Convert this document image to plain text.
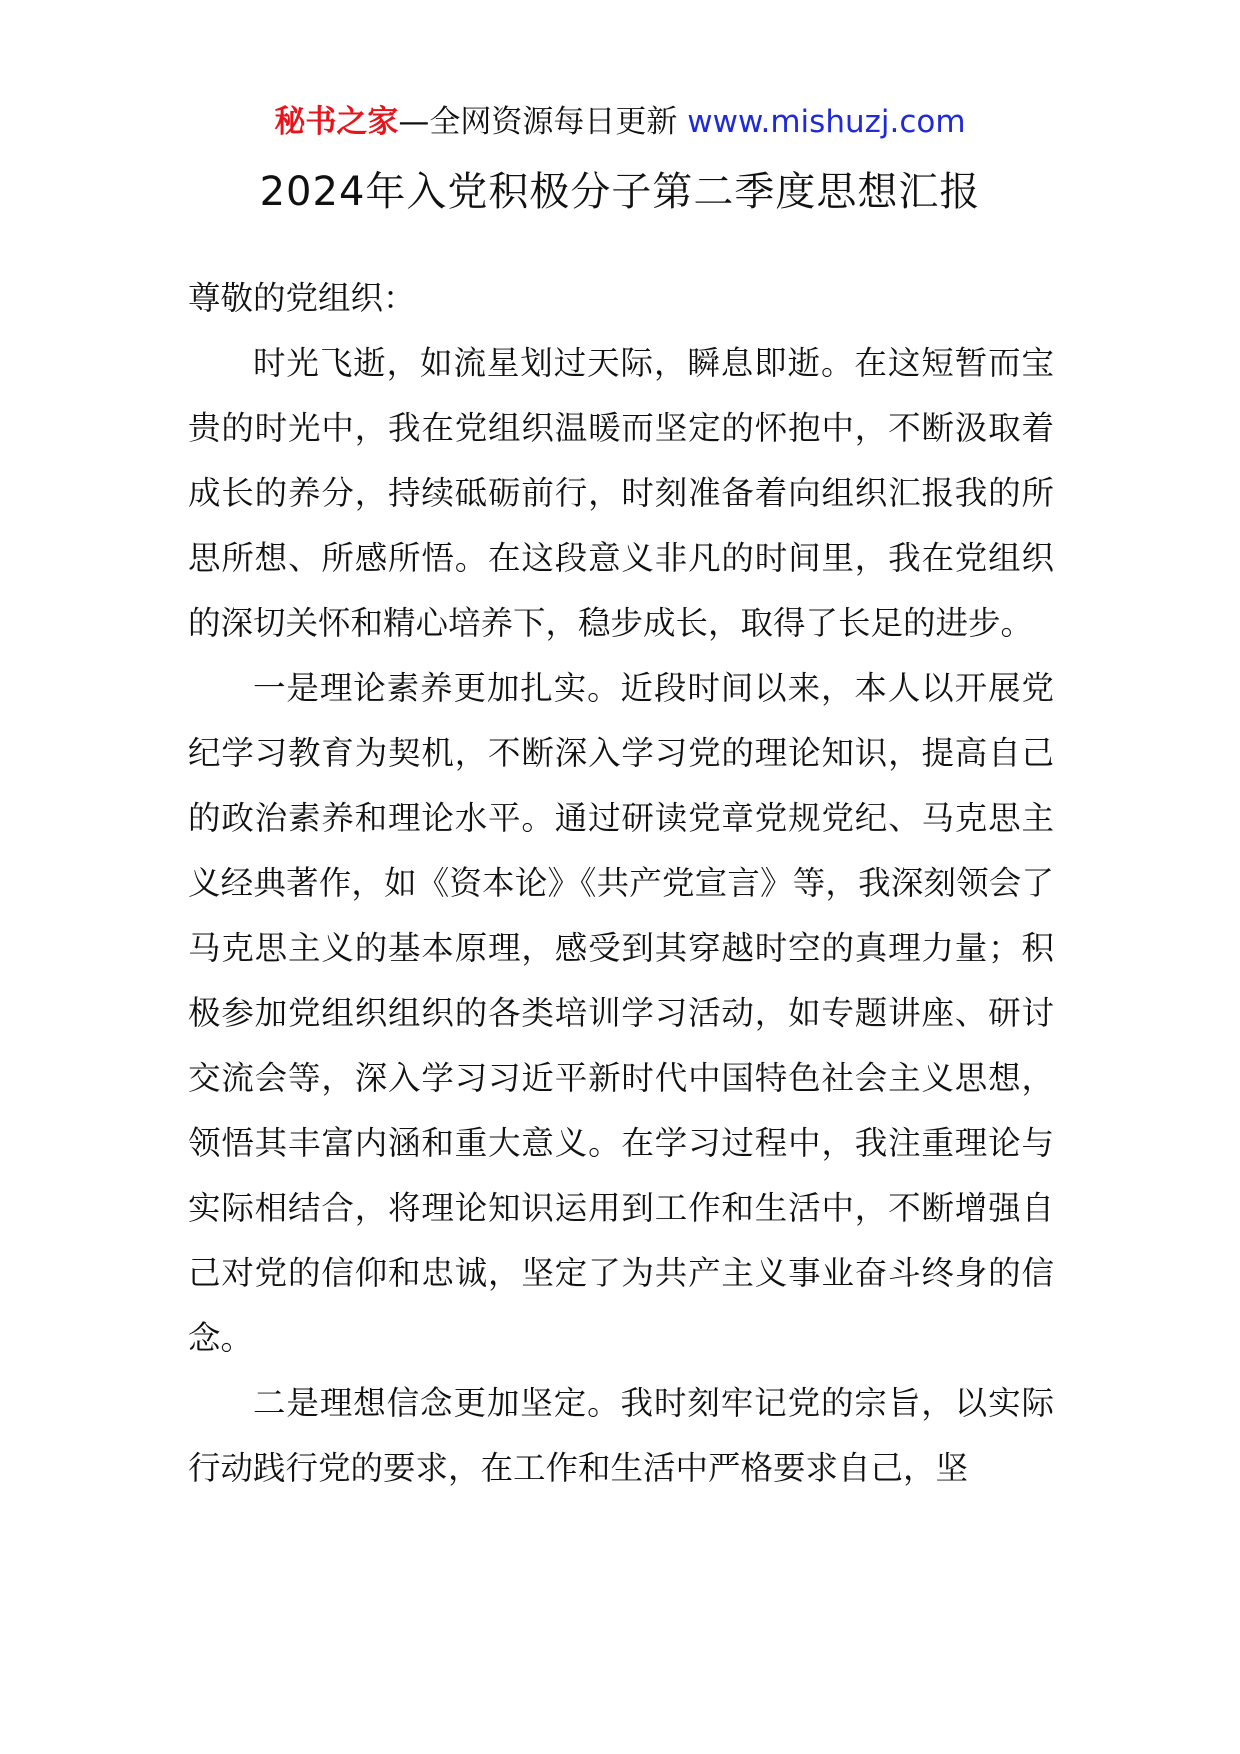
秘书之家—全网资源每日更新 www.mishuzj.com
2024年入党积极分子第二季度思想汇报

尊敬的党组织：

时光飞逝，如流星划过天际，瞬息即逝。在这短暂而宝贵的时光中，我在党组织温暖而坚定的怀抱中，不断汲取着成长的养分，持续砥砺前行，时刻准备着向组织汇报我的所思所想、所感所悟。在这段意义非凡的时间里，我在党组织的深切关怀和精心培养下，稳步成长，取得了长足的进步。

一是理论素养更加扎实。近段时间以来，本人以开展党纪学习教育为契机，不断深入学习党的理论知识，提高自己的政治素养和理论水平。通过研读党章党规党纪、马克思主义经典著作，如《资本论》《共产党宣言》等，我深刻领会了马克思主义的基本原理，感受到其穿越时空的真理力量；积极参加党组织组织的各类培训学习活动，如专题讲座、研讨交流会等，深入学习习近平新时代中国特色社会主义思想，领悟其丰富内涵和重大意义。在学习过程中，我注重理论与实际相结合，将理论知识运用到工作和生活中，不断增强自己对党的信仰和忠诚，坚定了为共产主义事业奋斗终身的信念。

二是理想信念更加坚定。我时刻牢记党的宗旨，以实际行动践行党的要求，在工作和生活中严格要求自己，坚
